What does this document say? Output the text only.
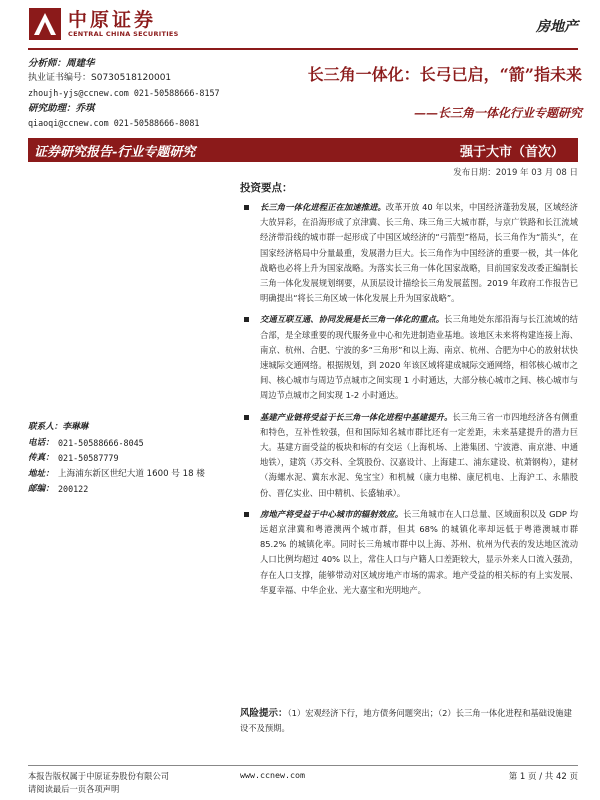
中原证券
CENTRAL CHINA SECURITIES	房地产
分析师：周建华
执业证书编号：S0730518120001
zhoujh-yjs@ccnew.com 021-50588666-8157
研究助理：乔琪
qiaoqi@ccnew.com 021-50588666-8081
长三角一体化：长弓已启，“箭”指未来
——长三角一体化行业专题研究
证券研究报告-行业专题研究	强于大市（首次）
发布日期：2019 年 03 月 08 日
投资要点：
长三角一体化进程正在加速推进。改革开放 40 年以来，中国经济蓬勃发展，区域经济大放异彩，在沿海形成了京津冀、长三角、珠三角三大城市群，与京广铁路和长江流域经济带沿线的城市群一起形成了中国区域经济的“弓箭型”格局，长三角作为“箭头”，在国家经济格局中分量最重，发展潜力巨大。长三角作为中国经济的重要一极，其一体化战略也必将上升为国家战略。为落实长三角一体化国家战略，目前国家发改委正编制长三角一体化发展规划纲要，从顶层设计描绘长三角发展蓝图。2019 年政府工作报告已明确提出“将长三角区域一体化发展上升为国家战略”。
交通互联互通、协同发展是长三角一体化的重点。长三角地处东部沿海与长江流域的结合部，是全球重要的现代服务业中心和先进制造业基地。该地区未来将构建连接上海、南京、杭州、合肥、宁波的多“三角形”和以上海、南京、杭州、合肥为中心的放射状快速城际交通网络。根据规划，到 2020 年该区域将建成城际交通网络，相邻核心城市之间、核心城市与周边节点城市之间实现 1 小时通达，大部分核心城市之间、核心城市与周边节点城市之间实现 1-2 小时通达。
基建产业链将受益于长三角一体化进程中基建提升。长三角三省一市四地经济各有侧重和特色，互补性较强，但和国际知名城市群比还有一定差距，未来基建提升的潜力巨大。基建方面受益的板块和标的有交运（上海机场、上港集团、宁波港、南京港、申通地铁），建筑（苏交科、全筑股份、汉嘉设计、上海建工、浦东建设、杭萧钢构），建材（海螺水泥、冀东水泥、兔宝宝）和机械（康力电梯、康尼机电、上海沪工、永鼎股份、晋亿实业、田中精机、长盛轴承）。
房地产将受益于中心城市的辐射效应。长三角城市在人口总量、区域面积以及 GDP 均远超京津冀和粤港澳两个城市群，但其 68% 的城镇化率却远低于粤港澳城市群 85.2% 的城镇化率。同时长三角城市群中以上海、苏州、杭州为代表的发达地区流动人口比例均超过 40% 以上，常住人口与户籍人口差距较大，显示外来人口流入强劲，存在人口支撑，能够带动对区域房地产市场的需求。地产受益的相关标的有上实发展、华夏幸福、中华企业、光大嘉宝和光明地产。
风险提示：（1）宏观经济下行，地方债务问题突出；（2）长三角一体化进程和基础设施建设不及预期。
联系人：李琳琳
电话： 021-50588666-8045
传真： 021-50587779
地址： 上海浦东新区世纪大道 1600 号 18 楼
邮编： 200122
本报告版权属于中原证券股份有限公司
请阅读最后一页各项声明
www.ccnew.com	第 1 页 / 共 42 页
